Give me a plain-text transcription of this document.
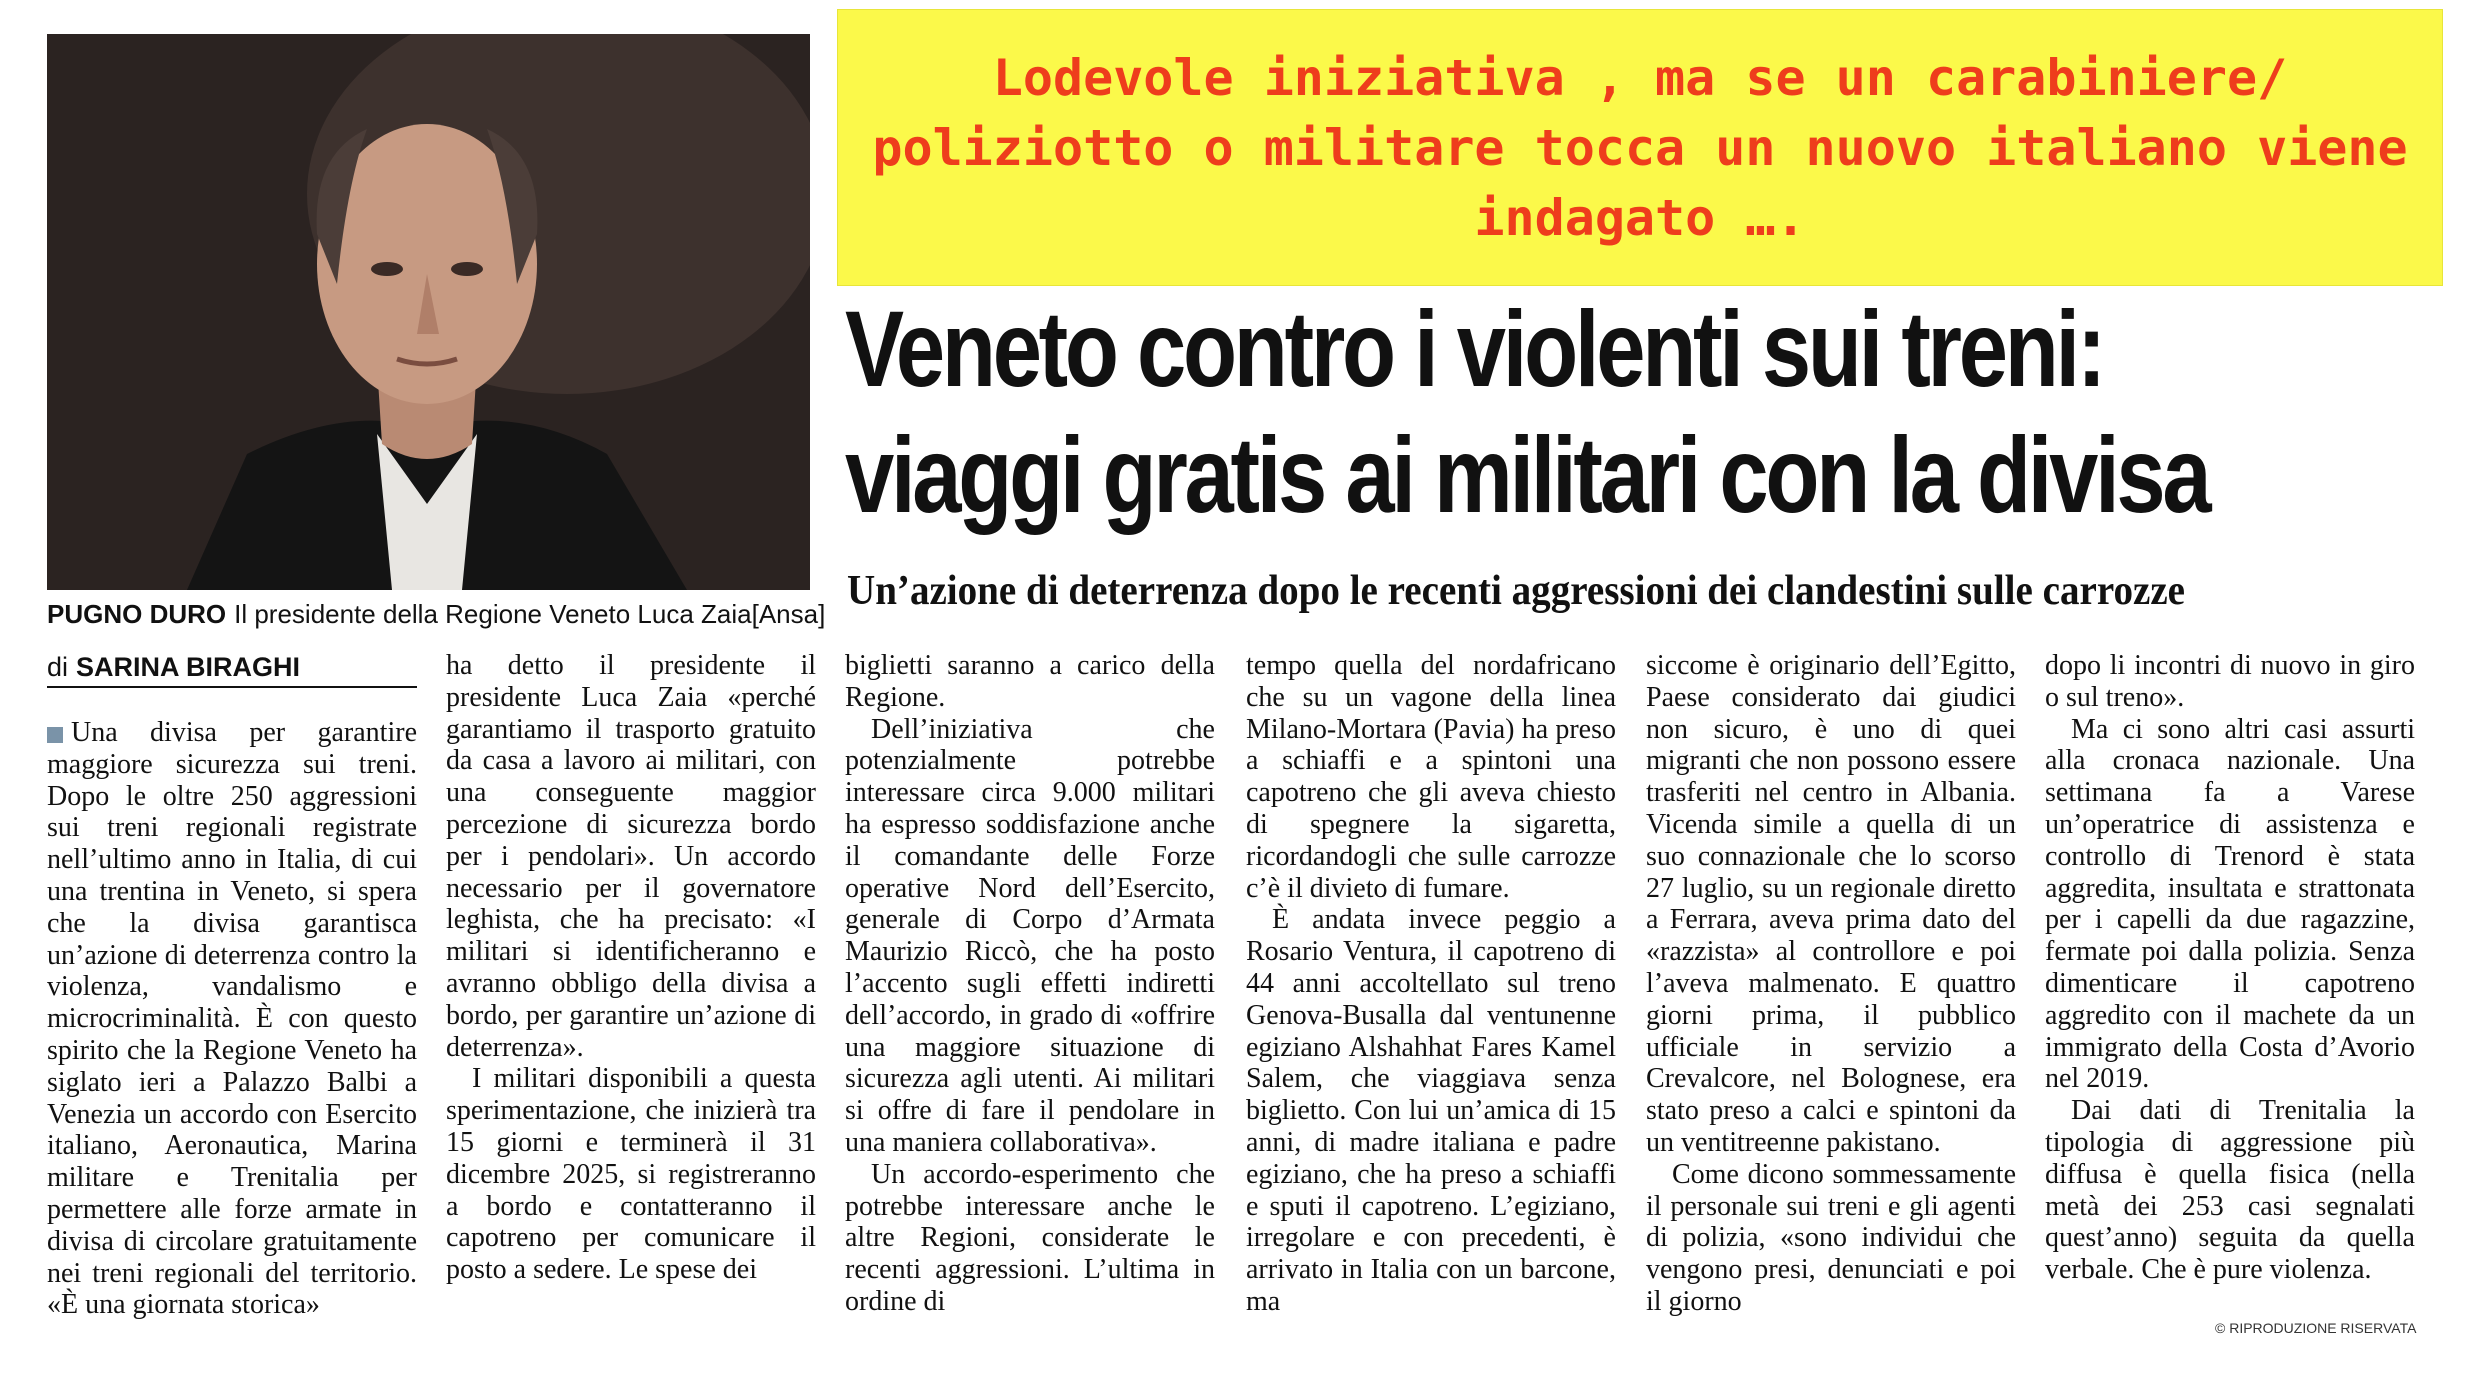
PUGNO DURO Il presidente della Regione Veneto Luca Zaia [Ansa]
Lodevole iniziativa , ma se un carabiniere/ poliziotto o militare tocca un nuovo italiano viene indagato ….
Veneto contro i violenti sui treni:
viaggi gratis ai militari con la divisa
Un’azione di deterrenza dopo le recenti aggressioni dei clandestini sulle carrozze
di SARINA BIRAGHI

Una divisa per garantire maggiore sicurezza sui treni. Dopo le oltre 250 aggressioni sui treni regionali registrate nell’ultimo anno in Italia, di cui una trentina in Veneto, si spera che la divisa garantisca un’azione di deterrenza contro la violenza, vandalismo e microcriminalità. È con questo spirito che la Regione Veneto ha siglato ieri a Palazzo Balbi a Venezia un accordo con Esercito italiano, Aeronautica, Marina militare e Trenitalia per permettere alle forze armate in divisa di circolare gratuitamente nei treni regionali del territorio. «È una giornata storica»

ha detto il presidente il presidente Luca Zaia «perché garantiamo il trasporto gratuito da casa a lavoro ai militari, con una conseguente maggior percezione di sicurezza bordo per i pendolari». Un accordo necessario per il governatore leghista, che ha precisato: «I militari si identificheranno e avranno obbligo della divisa a bordo, per garantire un’azione di deterrenza».

I militari disponibili a questa sperimentazione, che inizierà tra 15 giorni e terminerà il 31 dicembre 2025, si registreranno a bordo e contatteranno il capotreno per comunicare il posto a sedere. Le spese dei

biglietti saranno a carico della Regione.

Dell’iniziativa che potenzialmente potrebbe interessare circa 9.000 militari ha espresso soddisfazione anche il comandante delle Forze operative Nord dell’Esercito, generale di Corpo d’Armata Maurizio Riccò, che ha posto l’accento sugli effetti indiretti dell’accordo, in grado di «offrire una maggiore situazione di sicurezza agli utenti. Ai militari si offre di fare il pendolare in una maniera collaborativa».

Un accordo-esperimento che potrebbe interessare anche le altre Regioni, considerate le recenti aggressioni. L’ultima in ordine di

tempo quella del nordafricano che su un vagone della linea Milano-Mortara (Pavia) ha preso a schiaffi e a spintoni una capotreno che gli aveva chiesto di spegnere la sigaretta, ricordandogli che sulle carrozze c’è il divieto di fumare.

È andata invece peggio a Rosario Ventura, il capotreno di 44 anni accoltellato sul treno Genova-Busalla dal ventunenne egiziano Alshahhat Fares Kamel Salem, che viaggiava senza biglietto. Con lui un’amica di 15 anni, di madre italiana e padre egiziano, che ha preso a schiaffi e sputi il capotreno. L’egiziano, irregolare e con precedenti, è arrivato in Italia con un barcone, ma

siccome è originario dell’Egitto, Paese considerato dai giudici non sicuro, è uno di quei migranti che non possono essere trasferiti nel centro in Albania. Vicenda simile a quella di un suo connazionale che lo scorso 27 luglio, su un regionale diretto a Ferrara, aveva prima dato del «razzista» al controllore e poi l’aveva malmenato. E quattro giorni prima, il pubblico ufficiale in servizio a Crevalcore, nel Bolognese, era stato preso a calci e spintoni da un ventitreenne pakistano.

Come dicono sommessamente il personale sui treni e gli agenti di polizia, «sono individui che vengono presi, denunciati e poi il giorno

dopo li incontri di nuovo in giro o sul treno».

Ma ci sono altri casi assurti alla cronaca nazionale. Una settimana fa a Varese un’operatrice di assistenza e controllo di Trenord è stata aggredita, insultata e strattonata per i capelli da due ragazzine, fermate poi dalla polizia. Senza dimenticare il capotreno aggredito con il machete da un immigrato della Costa d’Avorio nel 2019.

Dai dati di Trenitalia la tipologia di aggressione più diffusa è quella fisica (nella metà dei 253 casi segnalati quest’anno) seguita da quella verbale. Che è pure violenza.

© RIPRODUZIONE RISERVATA
